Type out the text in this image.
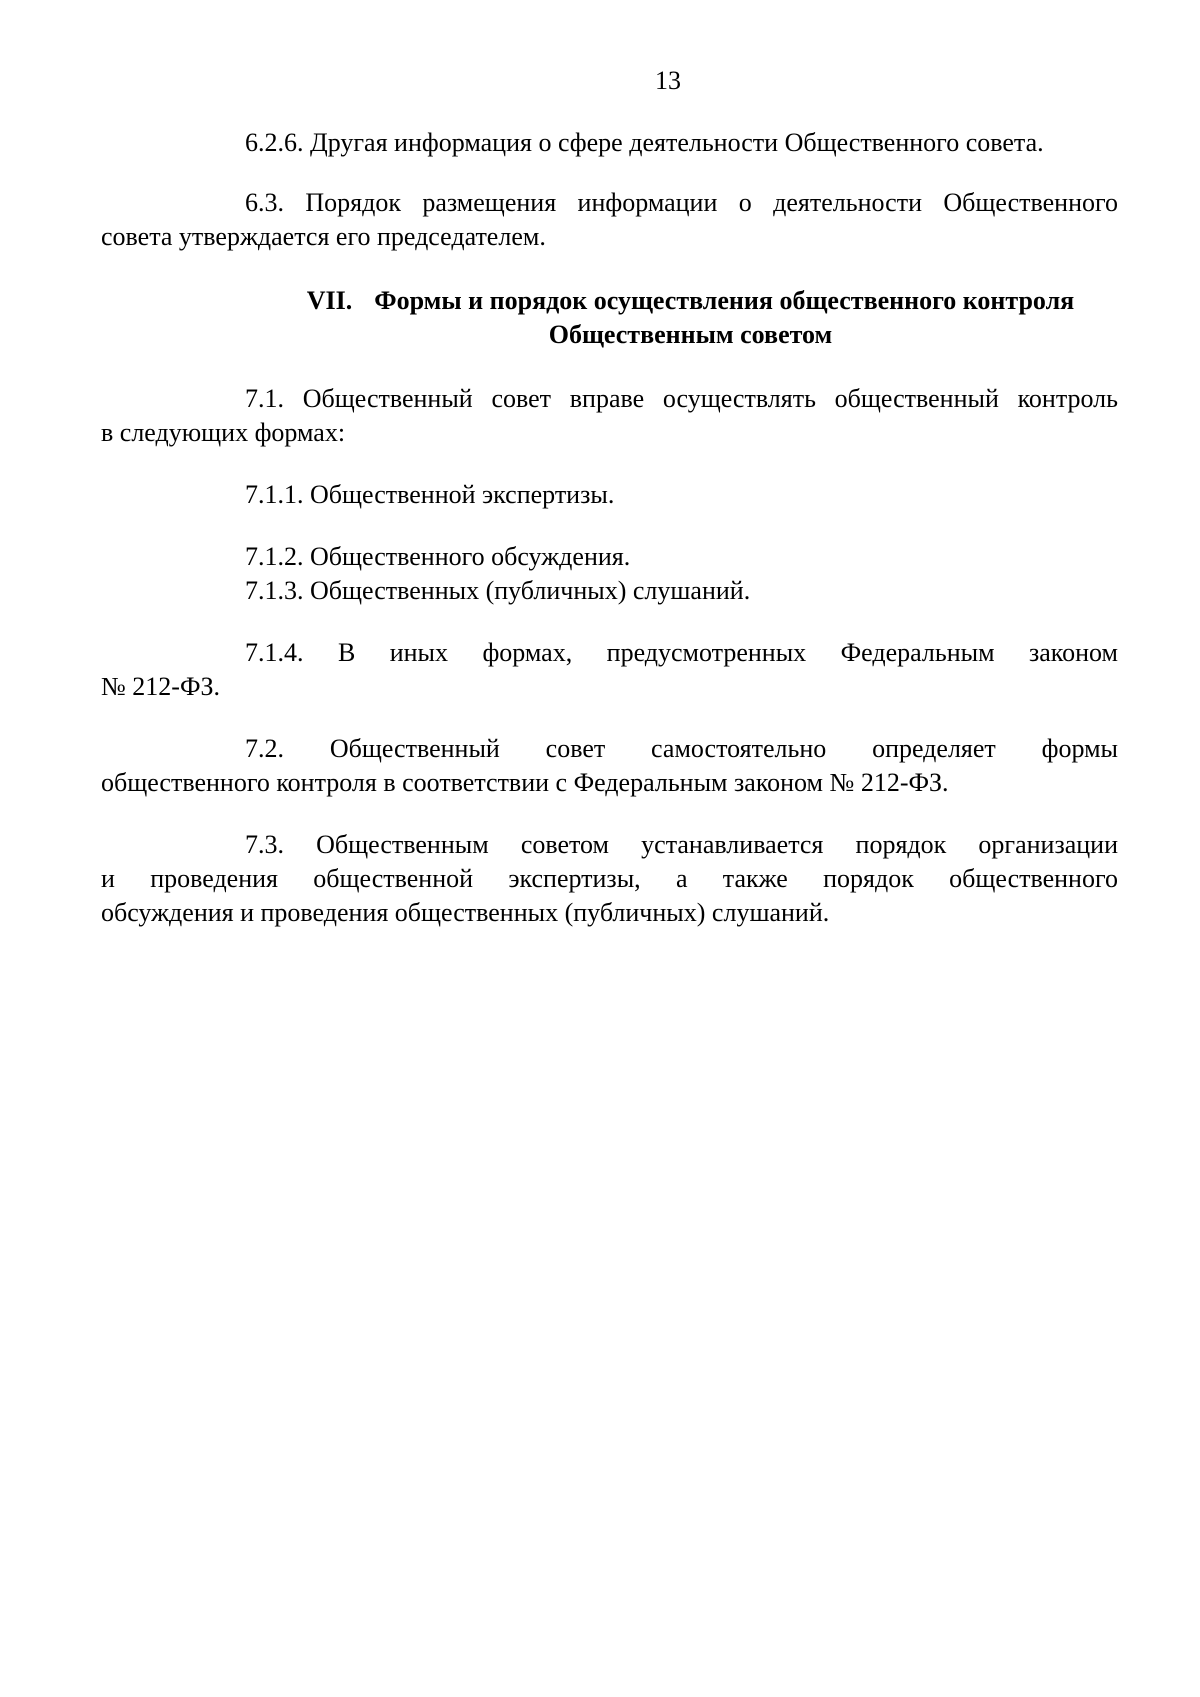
13

6.2.6. Другая информация о сфере деятельности Общественного совета.

6.3. Порядок размещения информации о деятельности Общественного
совета утверждается его председателем.

VII. Формы и порядок осуществления общественного контроля
Общественным советом

7.1. Общественный совет вправе осуществлять общественный контроль
в следующих формах:

7.1.1. Общественной экспертизы.

7.1.2. Общественного обсуждения.

7.1.3. Общественных (публичных) слушаний.

7.1.4. В иных формах, предусмотренных Федеральным законом
№ 212-ФЗ.

7.2. Общественный совет самостоятельно определяет формы
общественного контроля в соответствии с Федеральным законом № 212-ФЗ.

7.3. Общественным советом устанавливается порядок организации
и проведения общественной экспертизы, а также порядок общественного
обсуждения и проведения общественных (публичных) слушаний.
